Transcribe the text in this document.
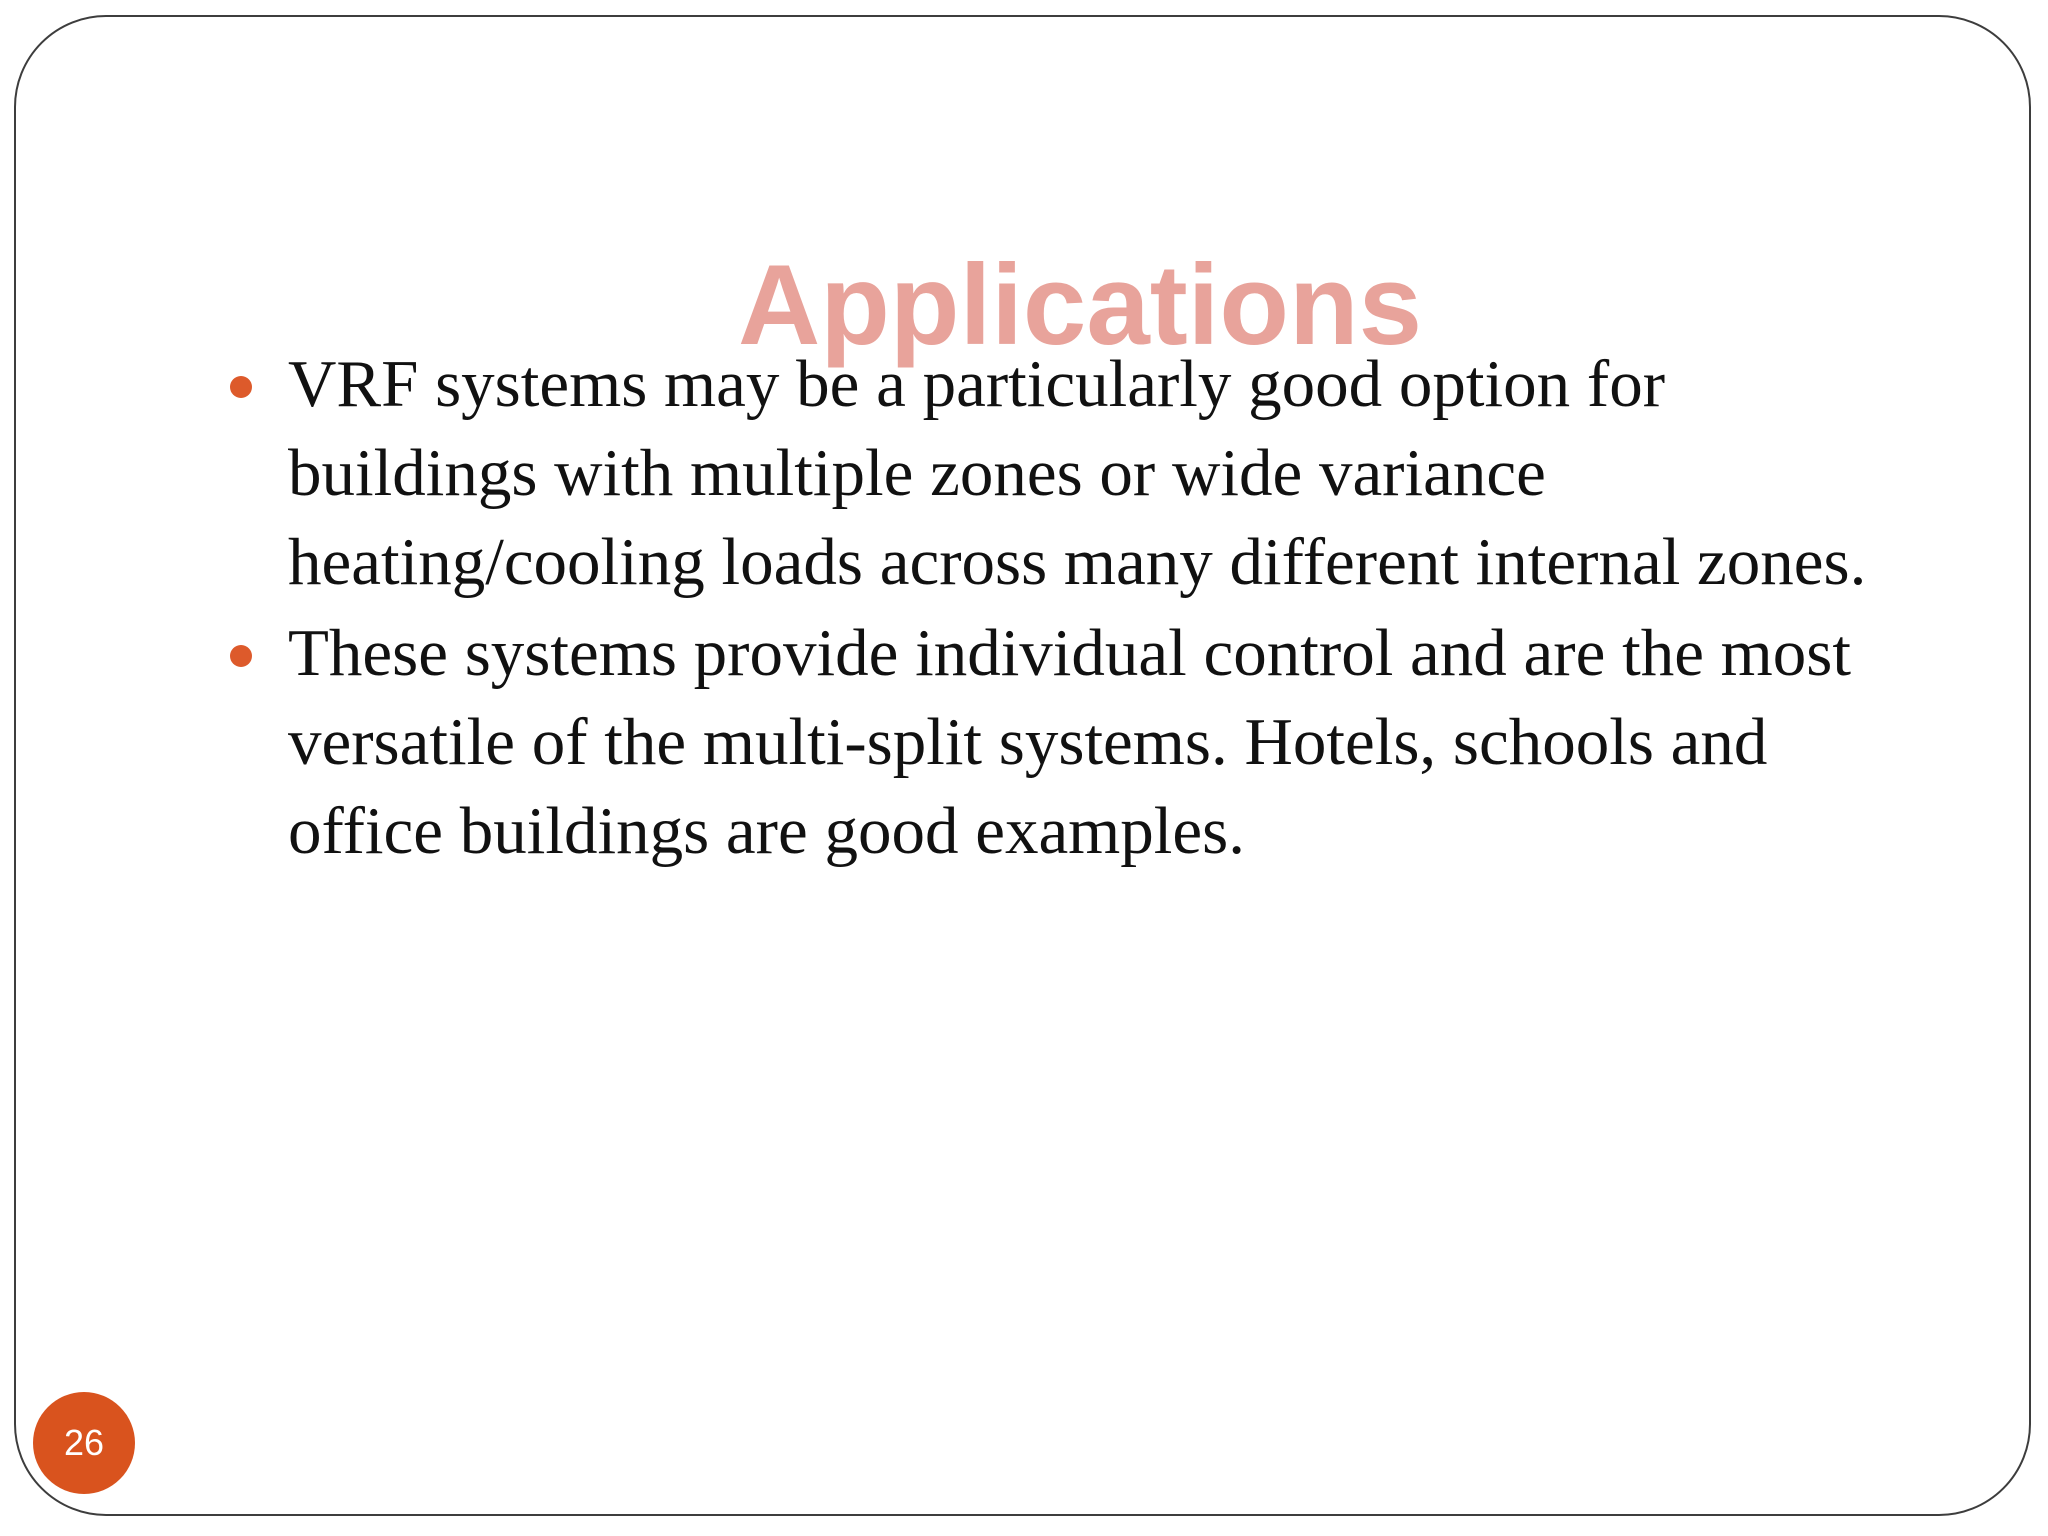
Applications
VRF systems may be a particularly good option for buildings with multiple zones or wide variance heating/cooling loads across many different internal zones.
These systems provide individual control and are the most versatile of the multi-split systems. Hotels, schools and office buildings are good examples.
26
